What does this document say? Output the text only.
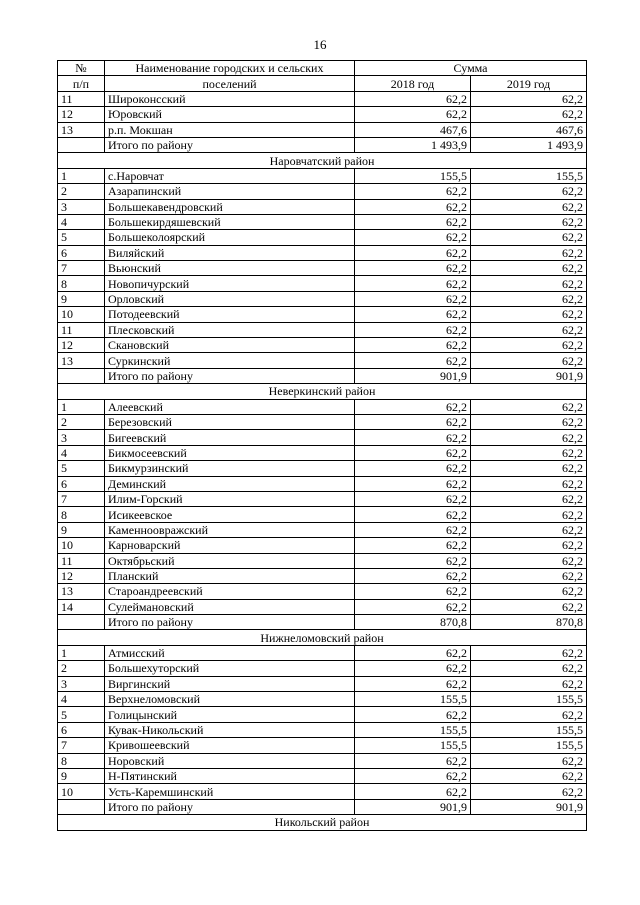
16
№	Наименование городских и сельских	Сумма	
п/п	поселений	2018 год	2019 год
11	Широконсский	62,2	62,2
12	Юровский	62,2	62,2
13	р.п. Мокшан	467,6	467,6
	Итого по району	1 493,9	1 493,9
Наровчатский район			
1	с.Наровчат	155,5	155,5
2	Азарапинский	62,2	62,2
3	Большекавендровский	62,2	62,2
4	Большекирдяшевский	62,2	62,2
5	Большеколоярский	62,2	62,2
6	Виляйский	62,2	62,2
7	Вьюнский	62,2	62,2
8	Новопичурский	62,2	62,2
9	Орловский	62,2	62,2
10	Потодеевский	62,2	62,2
11	Плесковский	62,2	62,2
12	Скановский	62,2	62,2
13	Суркинский	62,2	62,2
	Итого по району	901,9	901,9
Неверкинский район			
1	Алеевский	62,2	62,2
2	Березовский	62,2	62,2
3	Бигеевский	62,2	62,2
4	Бикмосеевский	62,2	62,2
5	Бикмурзинский	62,2	62,2
6	Деминский	62,2	62,2
7	Илим-Горский	62,2	62,2
8	Исикеевское	62,2	62,2
9	Каменноовражский	62,2	62,2
10	Карноварский	62,2	62,2
11	Октябрьский	62,2	62,2
12	Планский	62,2	62,2
13	Староандреевский	62,2	62,2
14	Сулеймановский	62,2	62,2
	Итого по району	870,8	870,8
Нижнеломовский район			
1	Атмисский	62,2	62,2
2	Большехуторский	62,2	62,2
3	Виргинский	62,2	62,2
4	Верхнеломовский	155,5	155,5
5	Голицынский	62,2	62,2
6	Кувак-Никольский	155,5	155,5
7	Кривошеевский	155,5	155,5
8	Норовский	62,2	62,2
9	Н-Пятинский	62,2	62,2
10	Усть-Каремшинский	62,2	62,2
	Итого по району	901,9	901,9
Никольский район			
